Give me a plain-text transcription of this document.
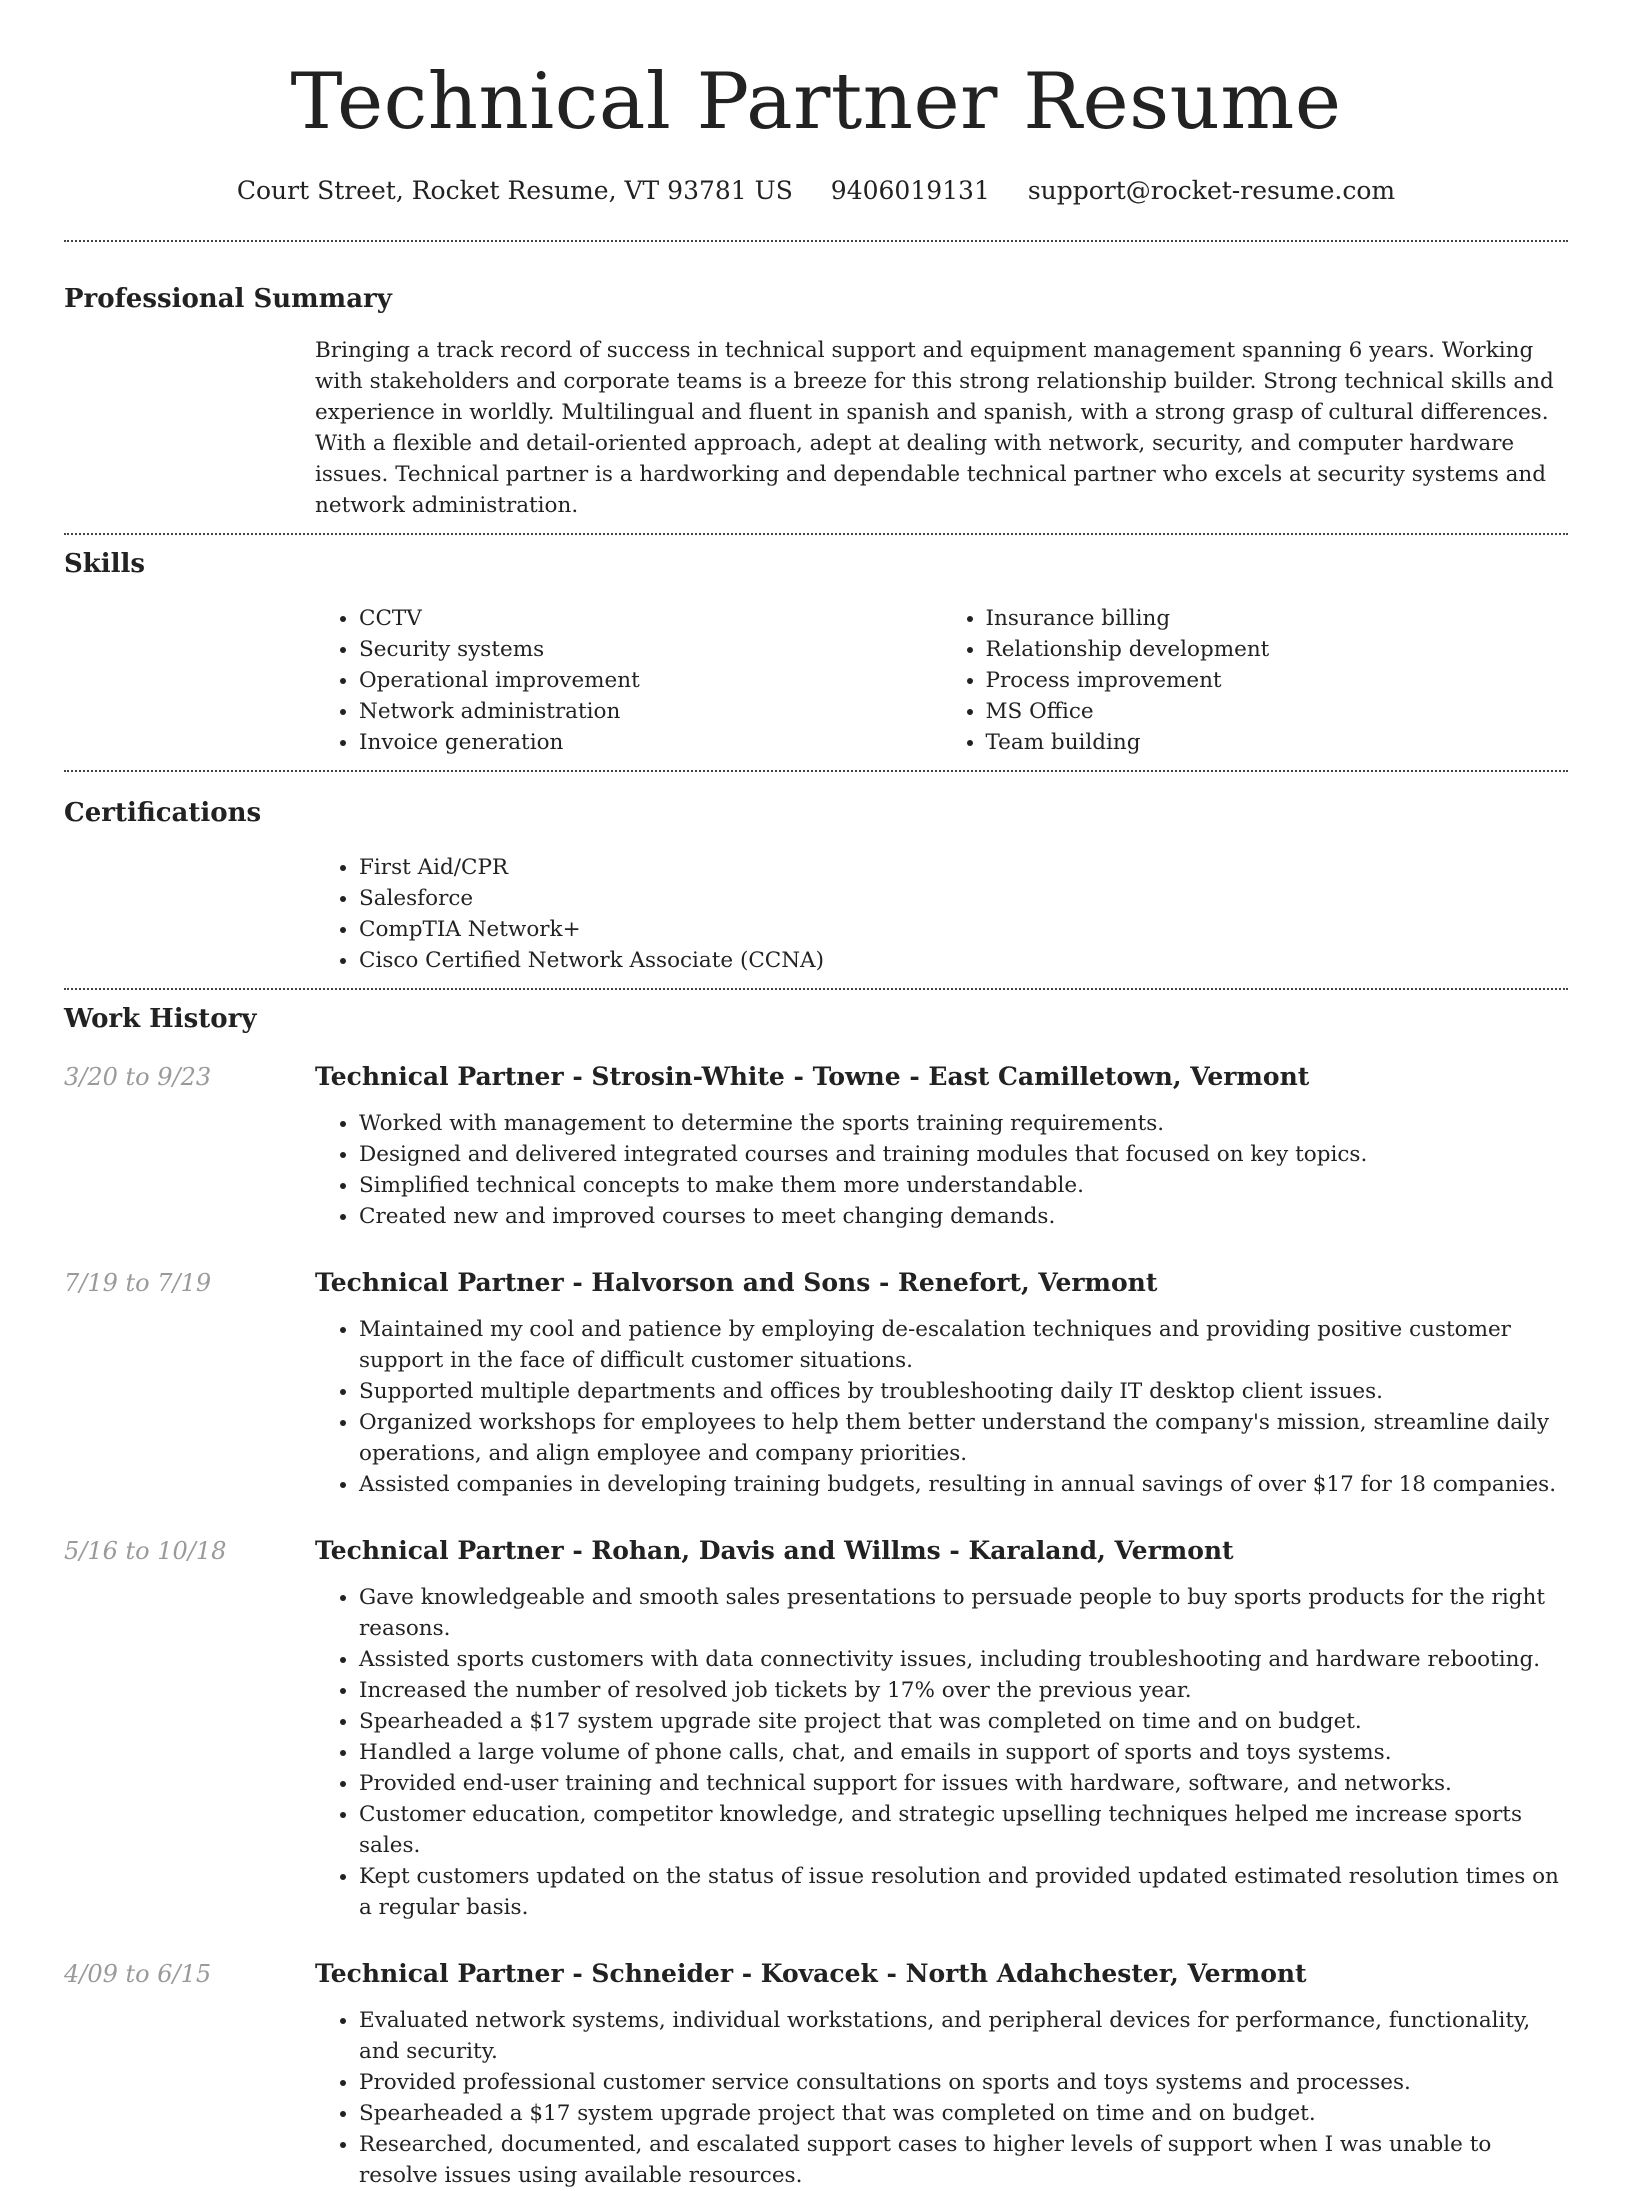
Technical Partner Resume
Court Street, Rocket Resume, VT 93781 US 9406019131 support@rocket-resume.com
Professional Summary
Bringing a track record of success in technical support and equipment management spanning 6 years. Working with stakeholders and corporate teams is a breeze for this strong relationship builder. Strong technical skills and experience in worldly. Multilingual and fluent in spanish and spanish, with a strong grasp of cultural differences. With a flexible and detail-oriented approach, adept at dealing with network, security, and computer hardware issues. Technical partner is a hardworking and dependable technical partner who excels at security systems and network administration.
Skills
• CCTV
• Security systems
• Operational improvement
• Network administration
• Invoice generation
• Insurance billing
• Relationship development
• Process improvement
• MS Office
• Team building
Certifications
• First Aid/CPR
• Salesforce
• CompTIA Network+
• Cisco Certified Network Associate (CCNA)
Work History
3/20 to 9/23	Technical Partner - Strosin-White - Towne - East Camilletown, Vermont
• Worked with management to determine the sports training requirements.
• Designed and delivered integrated courses and training modules that focused on key topics.
• Simplified technical concepts to make them more understandable.
• Created new and improved courses to meet changing demands.
7/19 to 7/19	Technical Partner - Halvorson and Sons - Renefort, Vermont
• Maintained my cool and patience by employing de-escalation techniques and providing positive customer support in the face of difficult customer situations.
• Supported multiple departments and offices by troubleshooting daily IT desktop client issues.
• Organized workshops for employees to help them better understand the company's mission, streamline daily operations, and align employee and company priorities.
• Assisted companies in developing training budgets, resulting in annual savings of over $17 for 18 companies.
5/16 to 10/18	Technical Partner - Rohan, Davis and Willms - Karaland, Vermont
• Gave knowledgeable and smooth sales presentations to persuade people to buy sports products for the right reasons.
• Assisted sports customers with data connectivity issues, including troubleshooting and hardware rebooting.
• Increased the number of resolved job tickets by 17% over the previous year.
• Spearheaded a $17 system upgrade site project that was completed on time and on budget.
• Handled a large volume of phone calls, chat, and emails in support of sports and toys systems.
• Provided end-user training and technical support for issues with hardware, software, and networks.
• Customer education, competitor knowledge, and strategic upselling techniques helped me increase sports sales.
• Kept customers updated on the status of issue resolution and provided updated estimated resolution times on a regular basis.
4/09 to 6/15	Technical Partner - Schneider - Kovacek - North Adahchester, Vermont
• Evaluated network systems, individual workstations, and peripheral devices for performance, functionality, and security.
• Provided professional customer service consultations on sports and toys systems and processes.
• Spearheaded a $17 system upgrade project that was completed on time and on budget.
• Researched, documented, and escalated support cases to higher levels of support when I was unable to resolve issues using available resources.
